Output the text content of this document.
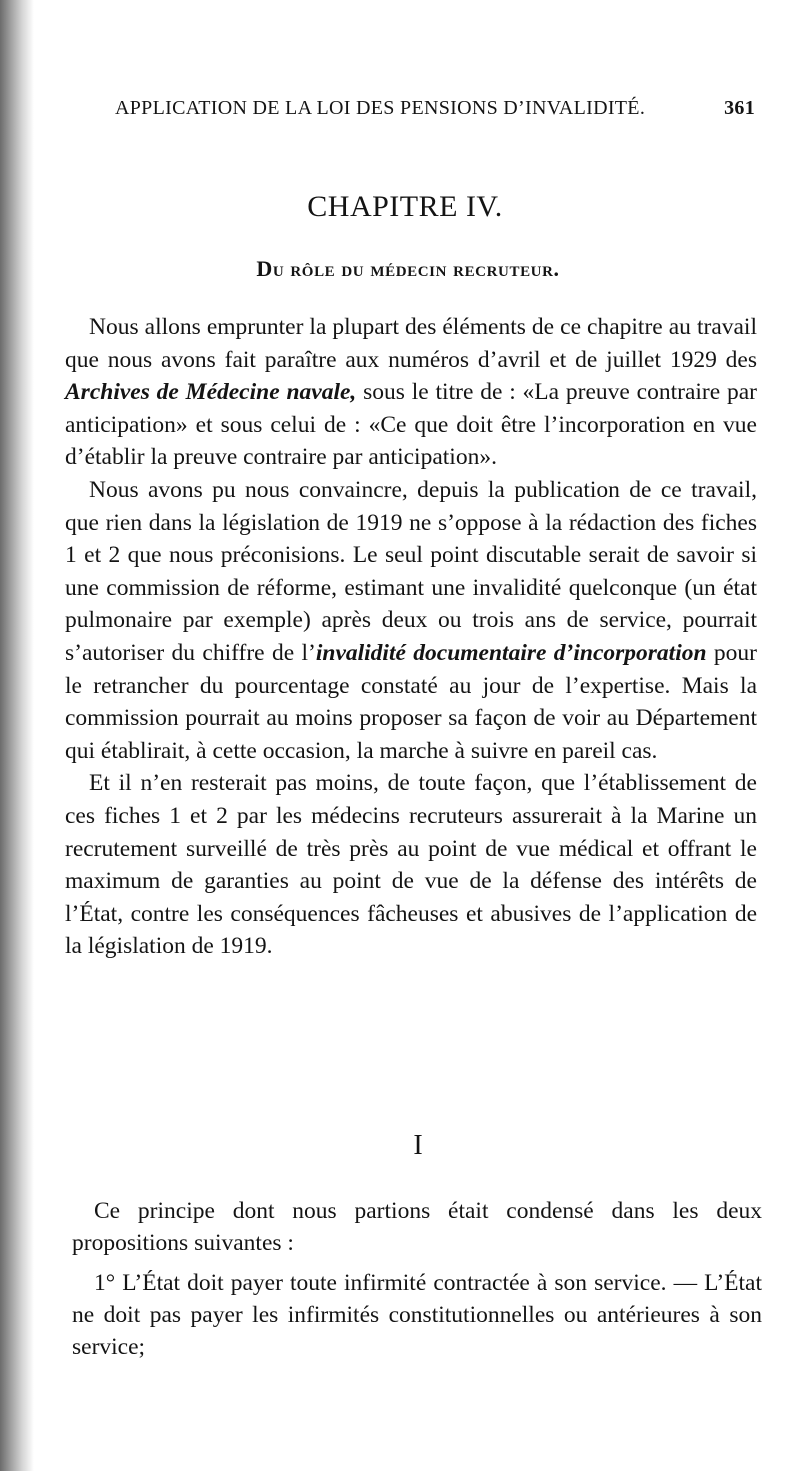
APPLICATION DE LA LOI DES PENSIONS D’INVALIDITÉ.	361
CHAPITRE IV.
Du rôle du médecin recruteur.

Nous allons emprunter la plupart des éléments de ce chapitre au travail que nous avons fait paraître aux numéros d’avril et de juillet 1929 des Archives de Médecine navale, sous le titre de : «La preuve contraire par anticipation» et sous celui de : «Ce que doit être l’incorporation en vue d’établir la preuve contraire par anticipation».

Nous avons pu nous convaincre, depuis la publication de ce travail, que rien dans la législation de 1919 ne s’oppose à la rédaction des fiches 1 et 2 que nous préconisions. Le seul point discutable serait de savoir si une commission de réforme, estimant une invalidité quelconque (un état pulmonaire par exemple) après deux ou trois ans de service, pourrait s’autoriser du chiffre de l’invalidité documentaire d’incorporation pour le retrancher du pourcentage constaté au jour de l’expertise. Mais la commission pourrait au moins proposer sa façon de voir au Département qui établirait, à cette occasion, la marche à suivre en pareil cas.

Et il n’en resterait pas moins, de toute façon, que l’établissement de ces fiches 1 et 2 par les médecins recruteurs assurerait à la Marine un recrutement surveillé de très près au point de vue médical et offrant le maximum de garanties au point de vue de la défense des intérêts de l’État, contre les conséquences fâcheuses et abusives de l’application de la législation de 1919.

I

Ce principe dont nous partions était condensé dans les deux propositions suivantes :

1° L’État doit payer toute infirmité contractée à son service. — L’État ne doit pas payer les infirmités constitutionnelles ou antérieures à son service;
